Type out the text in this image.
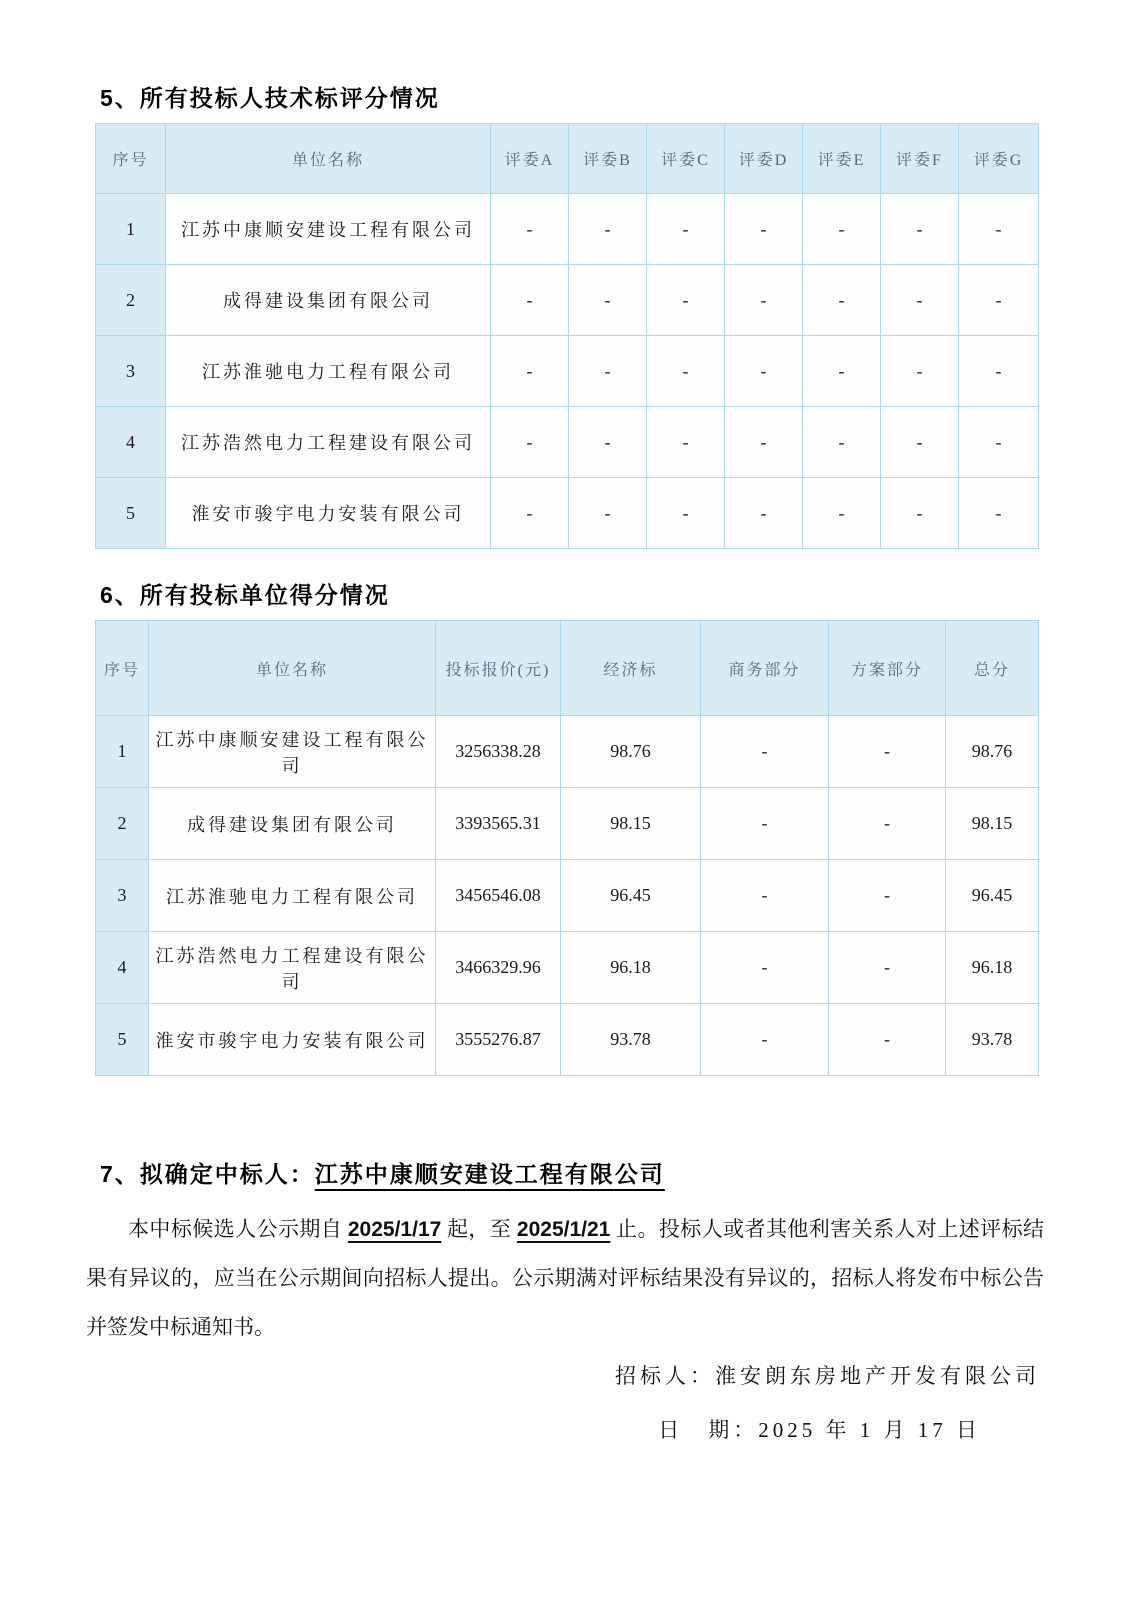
5、所有投标人技术标评分情况
序号	单位名称	评委A	评委B	评委C	评委D	评委E	评委F	评委G
1	江苏中康顺安建设工程有限公司	-	-	-	-	-	-	-
2	成得建设集团有限公司	-	-	-	-	-	-	-
3	江苏淮驰电力工程有限公司	-	-	-	-	-	-	-
4	江苏浩然电力工程建设有限公司	-	-	-	-	-	-	-
5	淮安市骏宇电力安装有限公司	-	-	-	-	-	-	-
6、所有投标单位得分情况
序号	单位名称	投标报价(元)	经济标	商务部分	方案部分	总分
1	江苏中康顺安建设工程有限公司	3256338.28	98.76	-	-	98.76
2	成得建设集团有限公司	3393565.31	98.15	-	-	98.15
3	江苏淮驰电力工程有限公司	3456546.08	96.45	-	-	96.45
4	江苏浩然电力工程建设有限公司	3466329.96	96.18	-	-	96.18
5	淮安市骏宇电力安装有限公司	3555276.87	93.78	-	-	93.78
7、拟确定中标人：江苏中康顺安建设工程有限公司

本中标候选人公示期自 2025/1/17 起，至 2025/1/21 止。投标人或者其他利害关系人对上述评标结果有异议的，应当在公示期间向招标人提出。公示期满对评标结果没有异议的，招标人将发布中标公告并签发中标通知书。

招标人：淮安朗东房地产开发有限公司
日　期：2025 年 1 月 17 日
